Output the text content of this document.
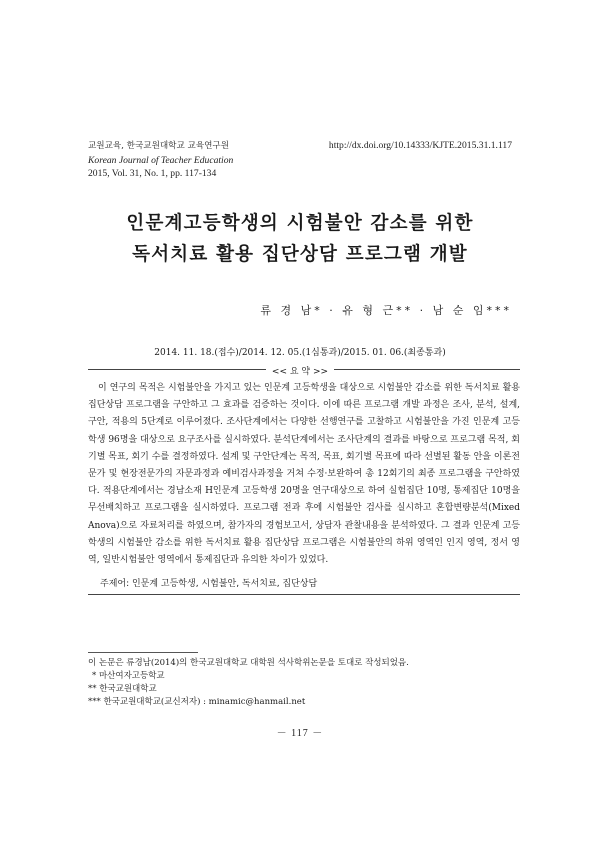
교원교육, 한국교원대학교 교육연구원
Korean Journal of Teacher Education
2015, Vol. 31, No. 1, pp. 117-134
http://dx.doi.org/10.14333/KJTE.2015.31.1.117
인문계고등학생의 시험불안 감소를 위한
독서치료 활용 집단상담 프로그램 개발
류 경 남* · 유 형 근** · 남 순 임***
2014. 11. 18.(접수)/2014. 12. 05.(1심통과)/2015. 01. 06.(최종통과)
<< 요 약 >>

이 연구의 목적은 시험불안을 가지고 있는 인문계 고등학생을 대상으로 시험불안 감소를 위한 독서치료 활용 집단상담 프로그램을 구안하고 그 효과를 검증하는 것이다. 이에 따른 프로그램 개발 과정은 조사, 분석, 설계, 구안, 적용의 5단계로 이루어졌다. 조사단계에서는 다양한 선행연구를 고찰하고 시험불안을 가진 인문계 고등학생 96명을 대상으로 요구조사를 실시하였다. 분석단계에서는 조사단계의 결과를 바탕으로 프로그램 목적, 회기별 목표, 회기 수를 결정하였다. 설계 및 구안단계는 목적, 목표, 회기별 목표에 따라 선별된 활동 안을 이론전문가 및 현장전문가의 자문과정과 예비검사과정을 거쳐 수정·보완하여 총 12회기의 최종 프로그램을 구안하였다. 적용단계에서는 경남소재 H인문계 고등학생 20명을 연구대상으로 하여 실험집단 10명, 통제집단 10명을 무선배치하고 프로그램을 실시하였다. 프로그램 전과 후에 시험불안 검사를 실시하고 혼합변량분석(Mixed Anova)으로 자료처리를 하였으며, 참가자의 경험보고서, 상담자 관찰내용을 분석하였다. 그 결과 인문계 고등학생의 시험불안 감소를 위한 독서치료 활용 집단상담 프로그램은 시험불안의 하위 영역인 인지 영역, 정서 영역, 일반시험불안 영역에서 통제집단과 유의한 차이가 있었다.

주제어: 인문계 고등학생, 시험불안, 독서치료, 집단상담
이 논문은 류경남(2014)의 한국교원대학교 대학원 석사학위논문을 토대로 작성되었음.
* 마산여자고등학교
** 한국교원대학교
*** 한국교원대학교(교신저자) : minamic@hanmail.net
－ 117 －
